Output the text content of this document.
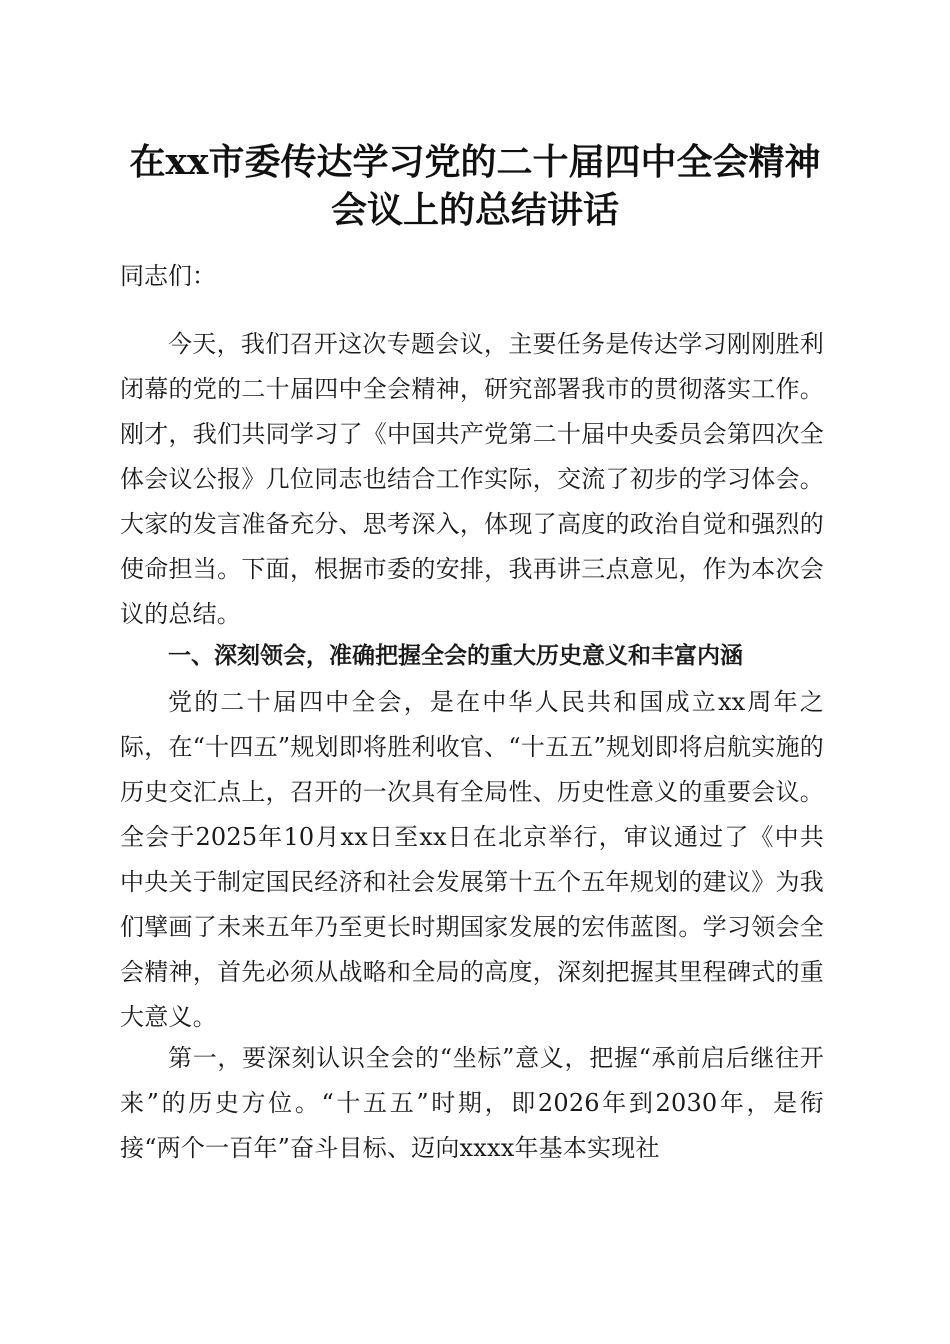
在xx市委传达学习党的二十届四中全会精神
会议上的总结讲话

同志们：

今天，我们召开这次专题会议，主要任务是传达学习刚刚胜利闭幕的党的二十届四中全会精神，研究部署我市的贯彻落实工作。刚才，我们共同学习了《中国共产党第二十届中央委员会第四次全体会议公报》几位同志也结合工作实际，交流了初步的学习体会。大家的发言准备充分、思考深入，体现了高度的政治自觉和强烈的使命担当。下面，根据市委的安排，我再讲三点意见，作为本次会议的总结。

一、深刻领会，准确把握全会的重大历史意义和丰富内涵

党的二十届四中全会，是在中华人民共和国成立xx周年之际，在“十四五”规划即将胜利收官、“十五五”规划即将启航实施的历史交汇点上，召开的一次具有全局性、历史性意义的重要会议。全会于2025年10月xx日至xx日在北京举行，审议通过了《中共中央关于制定国民经济和社会发展第十五个五年规划的建议》为我们擘画了未来五年乃至更长时期国家发展的宏伟蓝图。学习领会全会精神，首先必须从战略和全局的高度，深刻把握其里程碑式的重大意义。

第一，要深刻认识全会的“坐标”意义，把握“承前启后继往开来”的历史方位。“十五五”时期，即2026年到2030年，是衔接“两个一百年”奋斗目标、迈向xxxx年基本实现社
